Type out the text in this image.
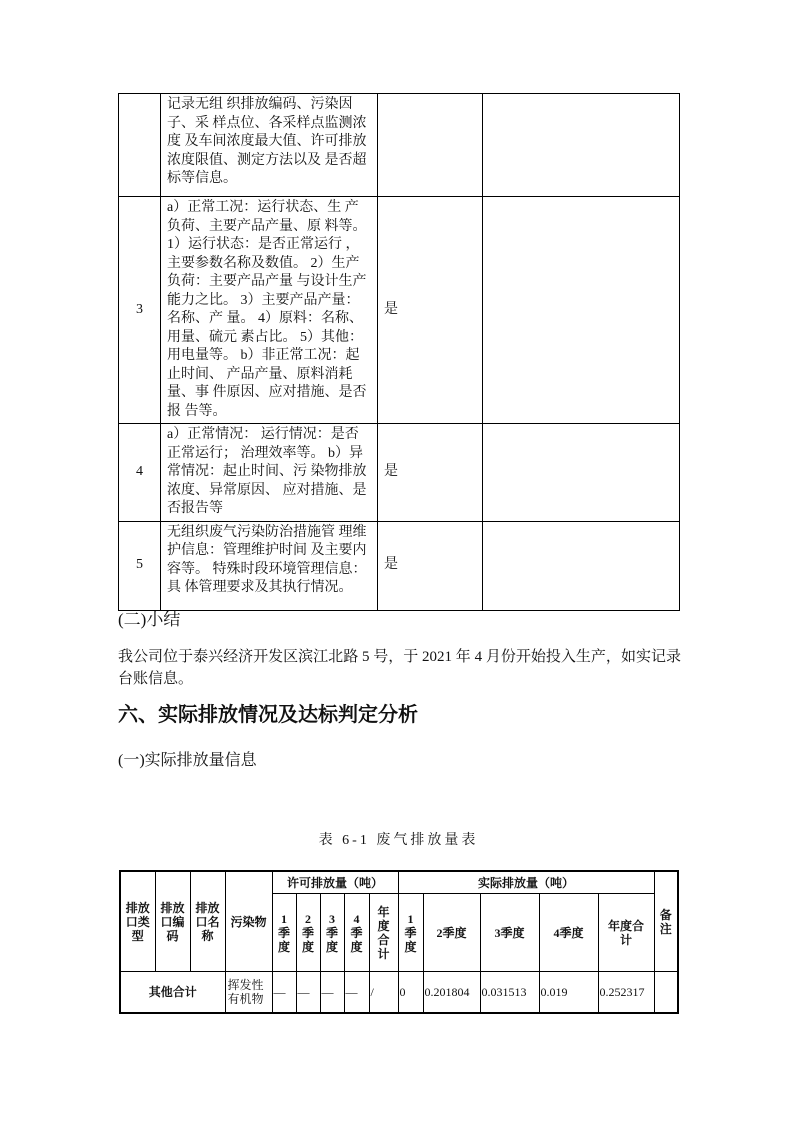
	记录无组 织排放编码、污染因子、采 样点位、各采样点监测浓度 及车间浓度最大值、许可排放浓度限值、测定方法以及 是否超标等信息。		
3	a）正常工况：运行状态、生 产负荷、主要产品产量、原 料等。1）运行状态：是否正常运行 ，主要参数名称及数值。 2）生产负荷：主要产品产量 与设计生产能力之比。 3）主要产品产量：名称、产 量。 4）原料：名称、用量、硫元 素占比。 5）其他：用电量等。 b）非正常工况：起止时间、 产品产量、原料消耗量、事 件原因、应对措施、是否报 告等。	是	
4	a）正常情况： 运行情况：是否正常运行； 治理效率等。 b）异常情况：起止时间、污 染物排放浓度、异常原因、 应对措施、是否报告等	是	
5	无组织废气污染防治措施管 理维护信息：管理维护时间 及主要内容等。 特殊时段环境管理信息：具 体管理要求及其执行情况。	是	
(二)小结
我公司位于泰兴经济开发区滨江北路 5 号，于 2021 年 4 月份开始投入生产，如实记录台账信息。
六、实际排放情况及达标判定分析
(一)实际排放量信息
表 6-1 废气排放量表
排放口类型	排放口编码	排放口名称	污染物	许可排放量（吨）					实际排放量（吨）					备注
				1季度	2季度	3季度	4季度	年度合计	1季度	2季度	3季度	4季度	年度合计	
其他合计			挥发性有机物	—	—	—	—	/	0	0.201804	0.031513	0.019	0.252317	
